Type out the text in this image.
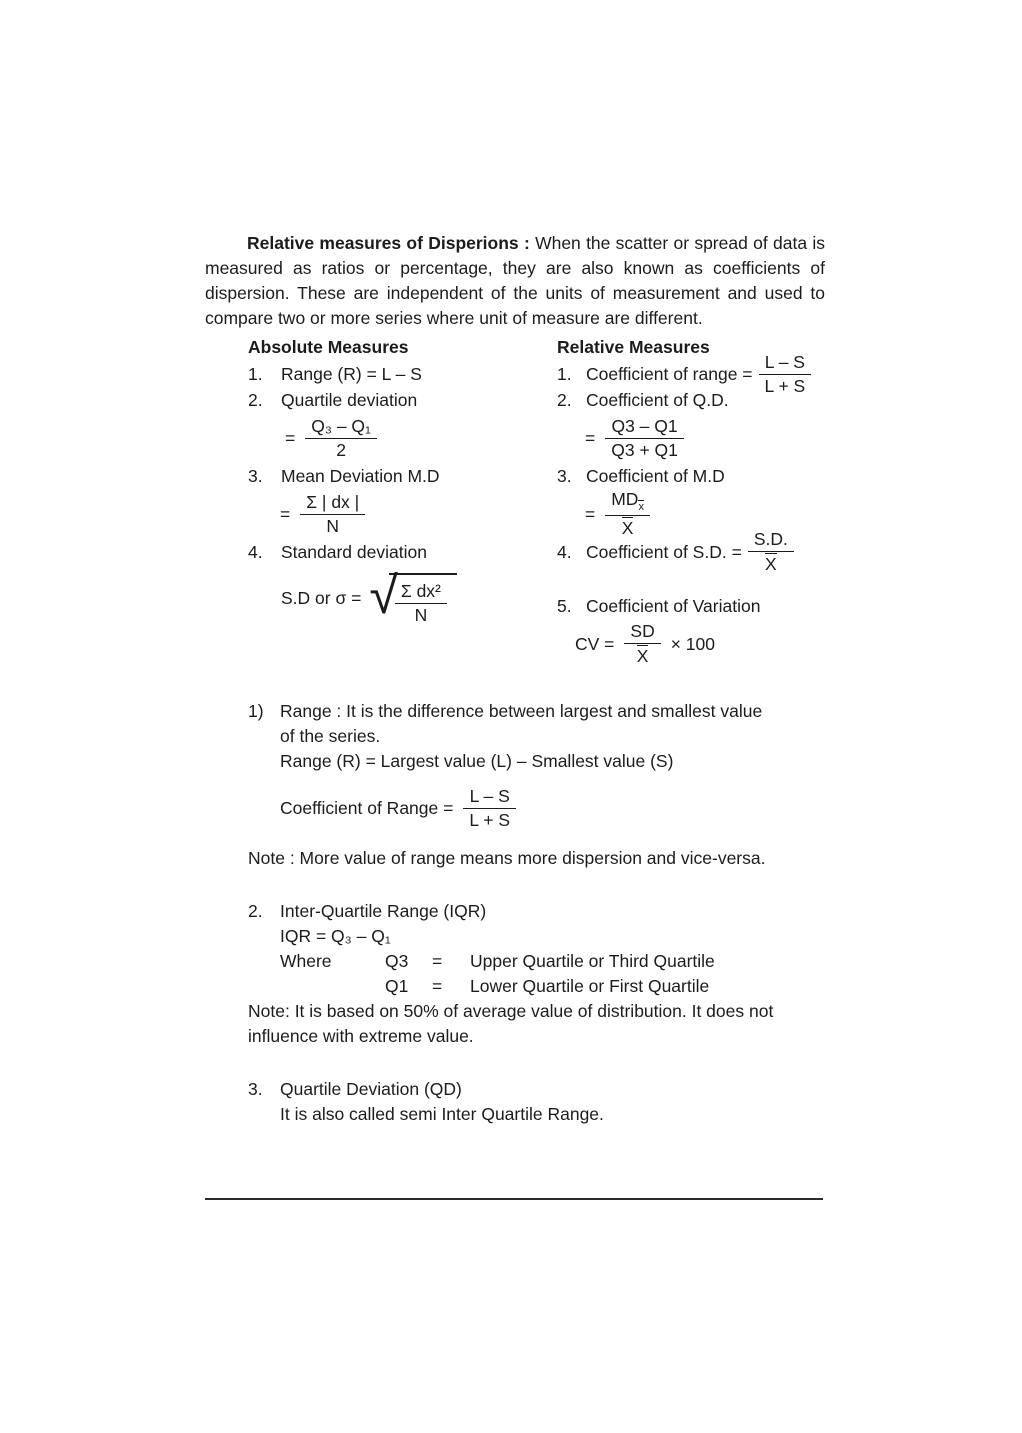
Relative measures of Disperions : When the scatter or spread of data is measured as ratios or percentage, they are also known as coefficients of dispersion. These are independent of the units of measurement and used to compare two or more series where unit of measure are different.

Absolute Measures
1.	Range (R) = L – S
2.	Quartile deviation
= $\frac{\text{Q₃ – Q₁}}{2}$
3.	Mean Deviation M.D
= $\frac{\Sigma | dx |}{N}$
4.	Standard deviation
S.D or σ = √
$\frac{\text{Σ dx²}}{N}$
Relative Measures
1. Coefficient of range = $\frac{L - S}{L + S}$
2. Coefficient of Q.D.
= $\frac{Q3 - Q1}{Q3 + Q1}$
3. Coefficient of M.D
= $\frac{MD_x}{X}$
4. Coefficient of S.D. = $\frac{S.D.}{X}$
5. Coefficient of Variation
CV = $\frac{SD}{X} \times 100$
1) Range : It is the difference between largest and smallest value
of the series.
Range (R) = Largest value (L) – Smallest value (S)
Coefficient of Range = $\frac{L - S}{L + S}$
Note : More value of range means more dispersion and vice-versa.
2. Inter-Quartile Range (IQR)
IQR = Q₃ – Q₁
Where	Q3	=	Upper Quartile or Third Quartile
Q1	=	Lower Quartile or First Quartile
Note: It is based on 50% of average value of distribution. It does not
influence with extreme value.
3. Quartile Deviation (QD)
It is also called semi Inter Quartile Range.
